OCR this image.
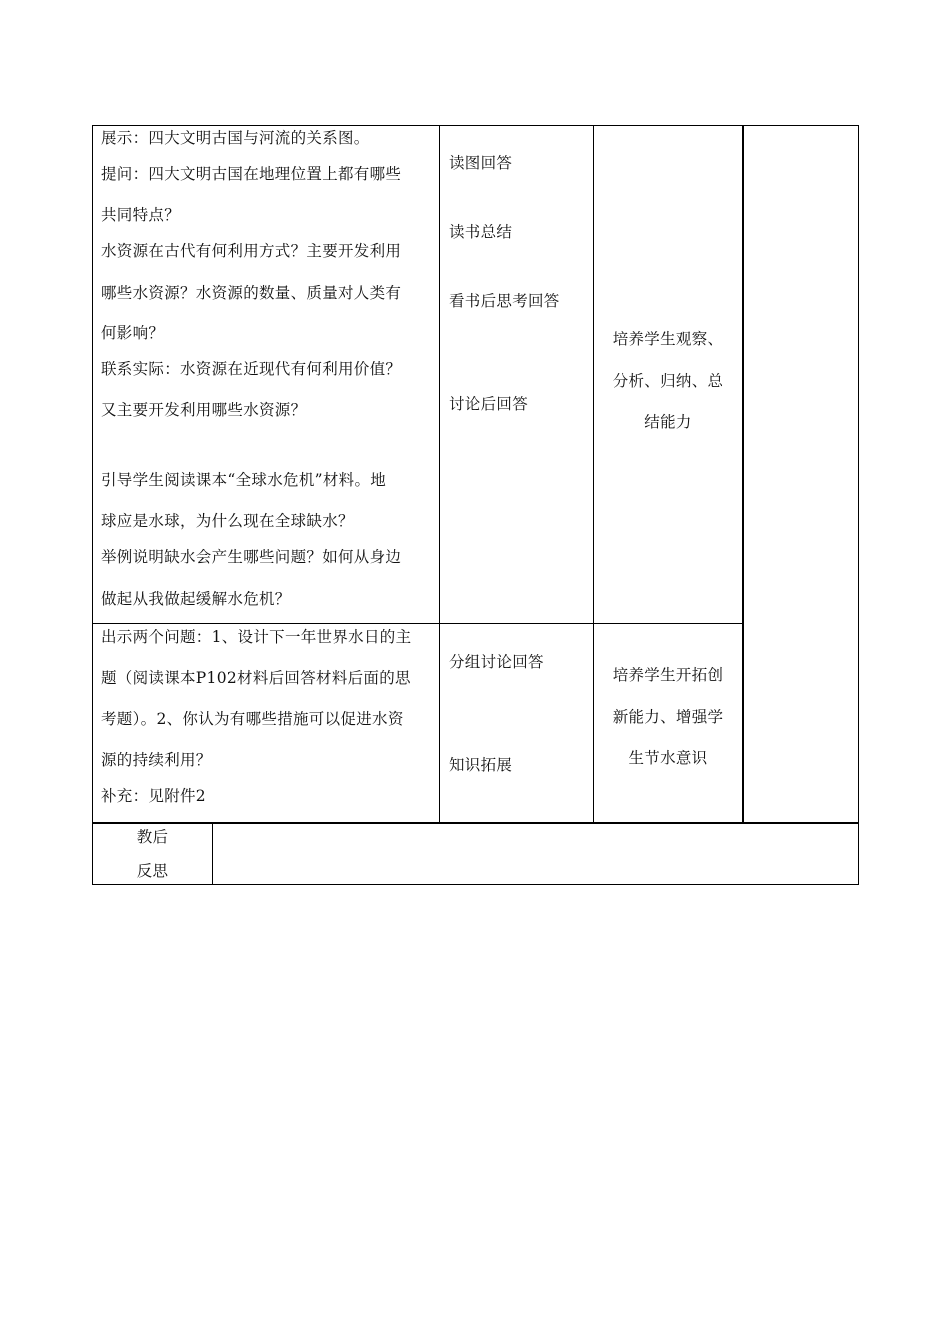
展示：四大文明古国与河流的关系图。
提问：四大文明古国在地理位置上都有哪些
共同特点？
水资源在古代有何利用方式？主要开发利用
哪些水资源？水资源的数量、质量对人类有
何影响？
联系实际：水资源在近现代有何利用价值？
又主要开发利用哪些水资源？
引导学生阅读课本“全球水危机”材料。地
球应是水球，为什么现在全球缺水？
举例说明缺水会产生哪些问题？如何从身边
做起从我做起缓解水危机？
读图回答
读书总结
看书后思考回答
讨论后回答
培养学生观察、
分析、归纳、总
结能力
出示两个问题：1、设计下一年世界水日的主
题（阅读课本P102材料后回答材料后面的思
考题）。2、你认为有哪些措施可以促进水资
源的持续利用？
补充：见附件2
分组讨论回答
知识拓展
培养学生开拓创
新能力、增强学
生节水意识
教后
反思
